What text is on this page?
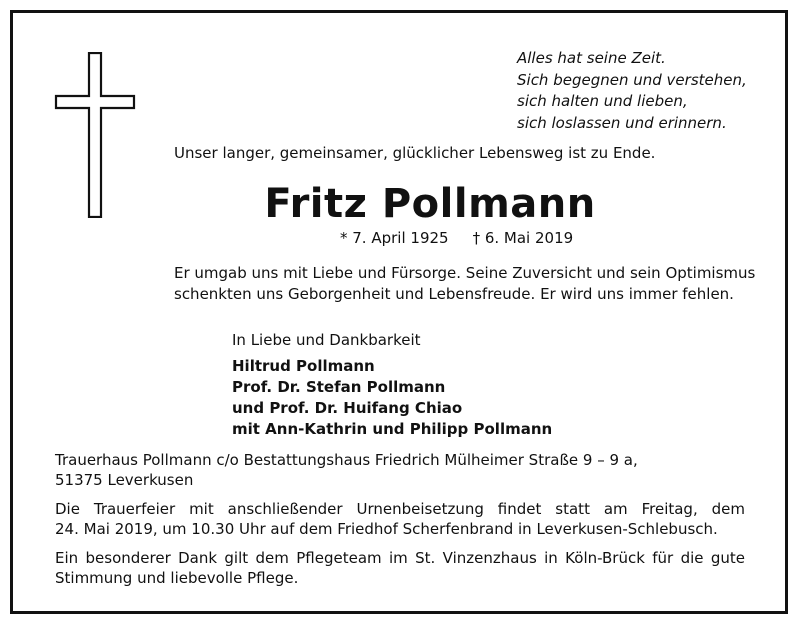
Alles hat seine Zeit.
Sich begegnen und verstehen,
sich halten und lieben,
sich loslassen und erinnern.
Unser langer, gemeinsamer, glücklicher Lebensweg ist zu Ende.
Fritz Pollmann
* 7. April 1925 † 6. Mai 2019
Er umgab uns mit Liebe und Fürsorge. Seine Zuversicht und sein Optimismus
schenkten uns Geborgenheit und Lebensfreude. Er wird uns immer fehlen.
In Liebe und Dankbarkeit
Hiltrud Pollmann
Prof. Dr. Stefan Pollmann
und Prof. Dr. Huifang Chiao
mit Ann-Kathrin und Philipp Pollmann

Trauerhaus Pollmann c/o Bestattungshaus Friedrich Mülheimer Straße 9 – 9 a,
51375 Leverkusen

Die Trauerfeier mit anschließender Urnenbeisetzung findet statt am Freitag, dem
24. Mai 2019, um 10.30 Uhr auf dem Friedhof Scherfenbrand in Leverkusen-Schlebusch.

Ein besonderer Dank gilt dem Pflegeteam im St. Vinzenzhaus in Köln-Brück für die gute
Stimmung und liebevolle Pflege.
